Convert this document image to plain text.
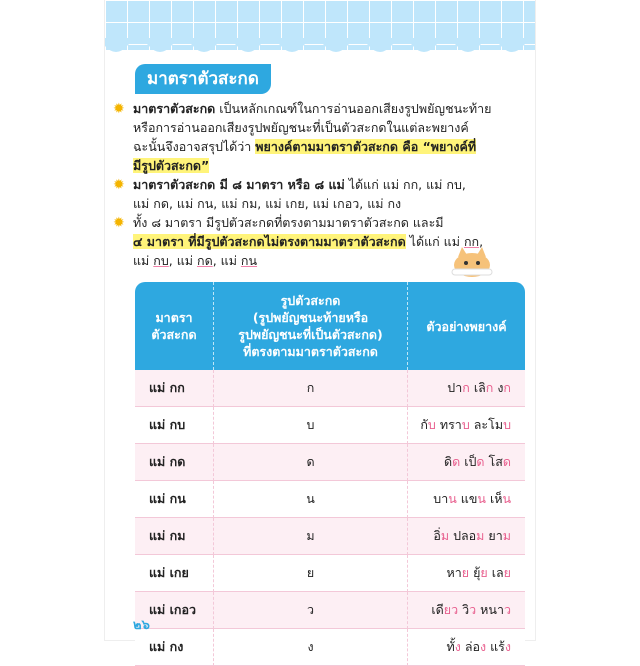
มาตราตัวสะกด
✹ มาตราตัวสะกด เป็นหลักเกณฑ์ในการอ่านออกเสียงรูปพยัญชนะท้าย
หรือการอ่านออกเสียงรูปพยัญชนะที่เป็นตัวสะกดในแต่ละพยางค์
ฉะนั้นจึงอาจสรุปได้ว่า พยางค์ตามมาตราตัวสะกด คือ “พยางค์ที่
มีรูปตัวสะกด”
✹ มาตราตัวสะกด มี ๘ มาตรา หรือ ๘ แม่ ได้แก่ แม่ กก, แม่ กบ,
แม่ กด, แม่ กน, แม่ กม, แม่ เกย, แม่ เกอว, แม่ กง
✹ ทั้ง ๘ มาตรา มีรูปตัวสะกดที่ตรงตามมาตราตัวสะกด และมี
๔ มาตรา ที่มีรูปตัวสะกดไม่ตรงตามมาตราตัวสะกด ได้แก่ แม่ กก,
แม่ กบ, แม่ กด, แม่ กน
มาตรา
ตัวสะกด	รูปตัวสะกด
(รูปพยัญชนะท้ายหรือ
รูปพยัญชนะที่เป็นตัวสะกด)
ที่ตรงตามมาตราตัวสะกด	ตัวอย่างพยางค์
แม่ กก	ก	ปาก เลิก งก
แม่ กบ	บ	กับ ทราบ ละโมบ
แม่ กด	ด	ดิด เป็ด โสด
แม่ กน	น	บาน แขน เห็น
แม่ กม	ม	อิ่ม ปลอม ยาม
แม่ เกย	ย	หาย ยุ้ย เลย
แม่ เกอว	ว	เดียว วิว หนาว
แม่ กง	ง	ทั้ง ล่อง แร้ง
๒๖
